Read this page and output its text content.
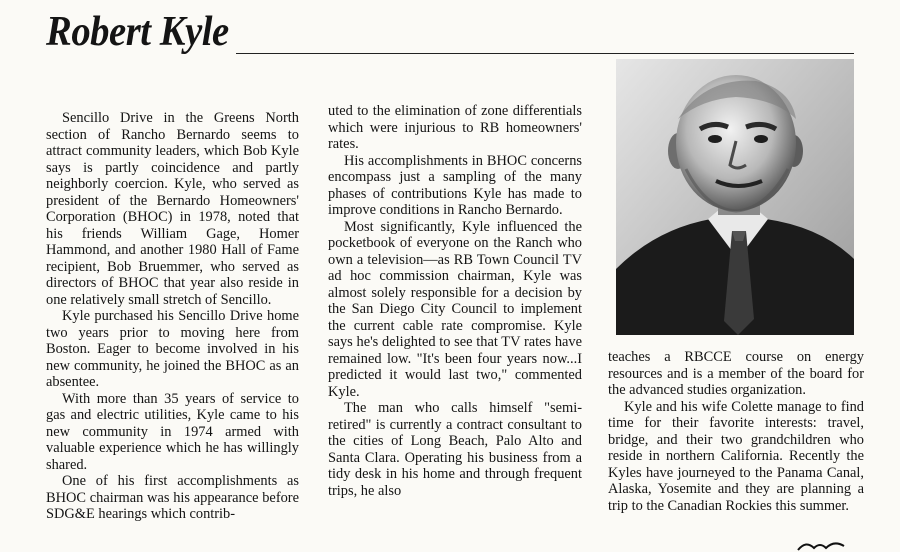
Robert Kyle

Sencillo Drive in the Greens North section of Rancho Bernardo seems to attract community leaders, which Bob Kyle says is partly coincidence and partly neighborly coercion. Kyle, who served as president of the Bernardo Homeowners' Corporation (BHOC) in 1978, noted that his friends William Gage, Homer Hammond, and another 1980 Hall of Fame recipient, Bob Bruemmer, who served as directors of BHOC that year also reside in one relatively small stretch of Sencillo.

Kyle purchased his Sencillo Drive home two years prior to moving here from Boston. Eager to become involved in his new community, he joined the BHOC as an absentee.

With more than 35 years of service to gas and electric utilities, Kyle came to his new community in 1974 armed with valuable experience which he has willingly shared.

One of his first accomplishments as BHOC chairman was his appearance before SDG&E hearings which contrib-

uted to the elimination of zone differentials which were injurious to RB homeowners' rates.

His accomplishments in BHOC concerns encompass just a sampling of the many phases of contributions Kyle has made to improve conditions in Rancho Bernardo.

Most significantly, Kyle influenced the pocketbook of everyone on the Ranch who own a television—as RB Town Council TV ad hoc commission chairman, Kyle was almost solely responsible for a decision by the San Diego City Council to implement the current cable rate compromise. Kyle says he's delighted to see that TV rates have remained low. "It's been four years now...I predicted it would last two," commented Kyle.

The man who calls himself "semi-retired" is currently a contract consultant to the cities of Long Beach, Palo Alto and Santa Clara. Operating his business from a tidy desk in his home and through frequent trips, he also

teaches a RBCCE course on energy resources and is a member of the board for the advanced studies organization.

Kyle and his wife Colette manage to find time for their favorite interests: travel, bridge, and their two grandchildren who reside in northern California. Recently the Kyles have journeyed to the Panama Canal, Alaska, Yosemite and they are planning a trip to the Canadian Rockies this summer.
